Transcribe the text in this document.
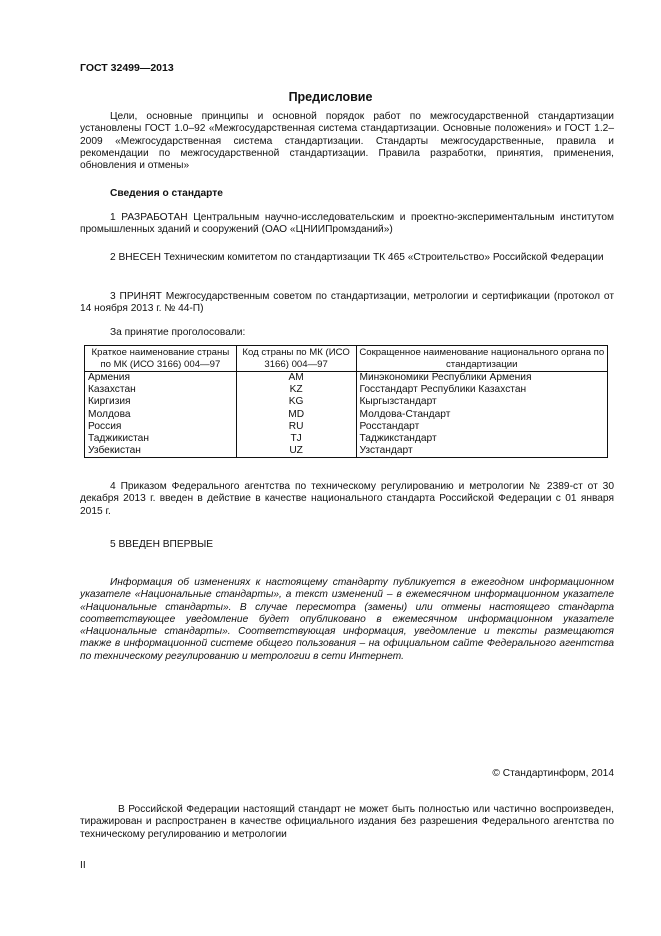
ГОСТ 32499—2013
Предисловие
Цели, основные принципы и основной порядок работ по межгосударственной стандартизации установлены ГОСТ 1.0–92 «Межгосударственная система стандартизации. Основные положения» и ГОСТ 1.2–2009 «Межгосударственная система стандартизации. Стандарты межгосударственные, правила и рекомендации по межгосударственной стандартизации. Правила разработки, принятия, применения, обновления и отмены»
Сведения о стандарте
1 РАЗРАБОТАН Центральным научно-исследовательским и проектно-экспериментальным институтом промышленных зданий и сооружений (ОАО «ЦНИИПромзданий»)
2 ВНЕСЕН Техническим комитетом по стандартизации ТК 465 «Строительство» Российской Федерации
3 ПРИНЯТ Межгосударственным советом по стандартизации, метрологии и сертификации (протокол от 14 ноября 2013 г. № 44-П)
За принятие проголосовали:
Краткое наименование страны по МК (ИСО 3166) 004—97	Код страны по МК (ИСО 3166) 004—97	Сокращенное наименование национального органа по стандартизации
Армения	AM	Минэкономики Республики Армения
Казахстан	KZ	Госстандарт Республики Казахстан
Киргизия	KG	Кыргызстандарт
Молдова	MD	Молдова-Стандарт
Россия	RU	Росстандарт
Таджикистан	TJ	Таджикстандарт
Узбекистан	UZ	Узстандарт
4 Приказом Федерального агентства по техническому регулированию и метрологии № 2389-ст от 30 декабря 2013 г. введен в действие в качестве национального стандарта Российской Федерации с 01 января 2015 г.
5 ВВЕДЕН ВПЕРВЫЕ
Информация об изменениях к настоящему стандарту публикуется в ежегодном информационном указателе «Национальные стандарты», а текст изменений – в ежемесячном информационном указателе «Национальные стандарты». В случае пересмотра (замены) или отмены настоящего стандарта соответствующее уведомление будет опубликовано в ежемесячном информационном указателе «Национальные стандарты». Соответствующая информация, уведомление и тексты размещаются также в информационной системе общего пользования – на официальном сайте Федерального агентства по техническому регулированию и метрологии в сети Интернет.
© Стандартинформ, 2014
В Российской Федерации настоящий стандарт не может быть полностью или частично воспроизведен, тиражирован и распространен в качестве официального издания без разрешения Федерального агентства по техническому регулированию и метрологии
II
